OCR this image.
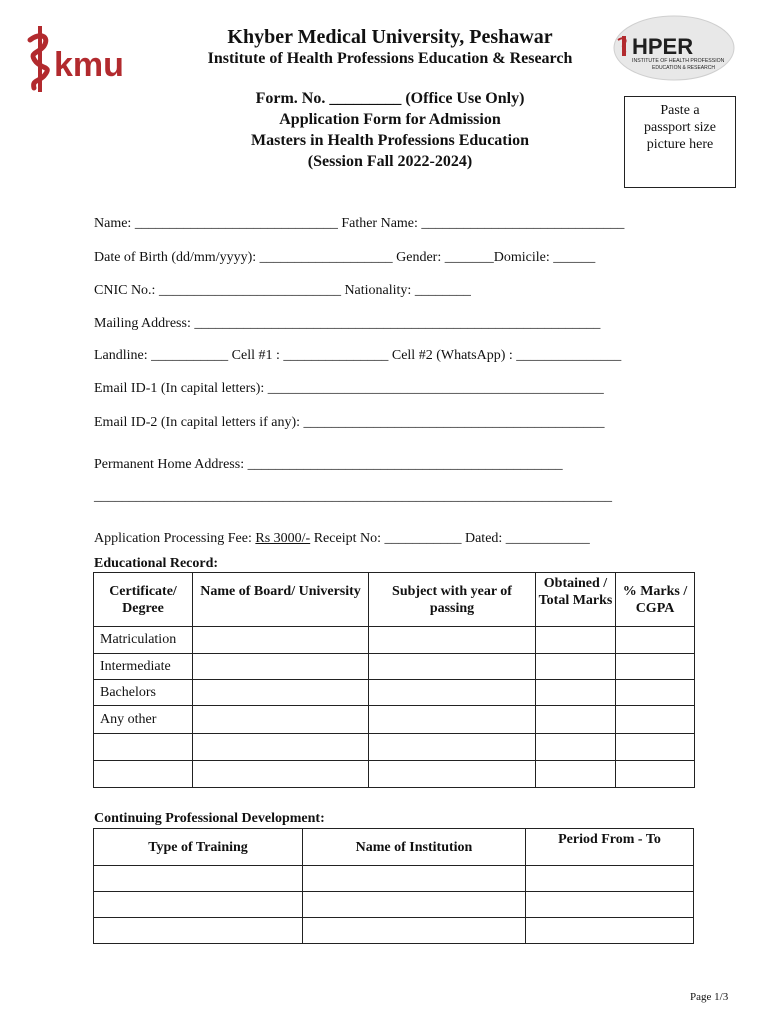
kmu	HPER
INSTITUTE OF HEALTH PROFESSION
EDUCATION & RESEARCH
Khyber Medical University, Peshawar
Institute of Health Professions Education & Research
Form. No. _________ (Office Use Only)
Application Form for Admission
Masters in Health Professions Education
(Session Fall 2022-2024)
Paste a
passport size
picture here
Name: _____________________________ Father Name: _____________________________
Date of Birth (dd/mm/yyyy): ___________________ Gender: _______Domicile: ______
CNIC No.: __________________________ Nationality: ________
Mailing Address: __________________________________________________________
Landline: ___________ Cell #1 : _______________ Cell #2 (WhatsApp) : _______________
Email ID-1 (In capital letters): ________________________________________________
Email ID-2 (In capital letters if any): ___________________________________________
Permanent Home Address: _____________________________________________
__________________________________________________________________________
Application Processing Fee: Rs 3000/- Receipt No: ___________ Dated: ____________
Educational Record:
Certificate/ Degree	Name of Board/ University	Subject with year of passing	Obtained / Total Marks	% Marks / CGPA
Matriculation				
Intermediate				
Bachelors				
Any other				

Continuing Professional Development:
Type of Training	Name of Institution	Period From - To

Page 1/3
